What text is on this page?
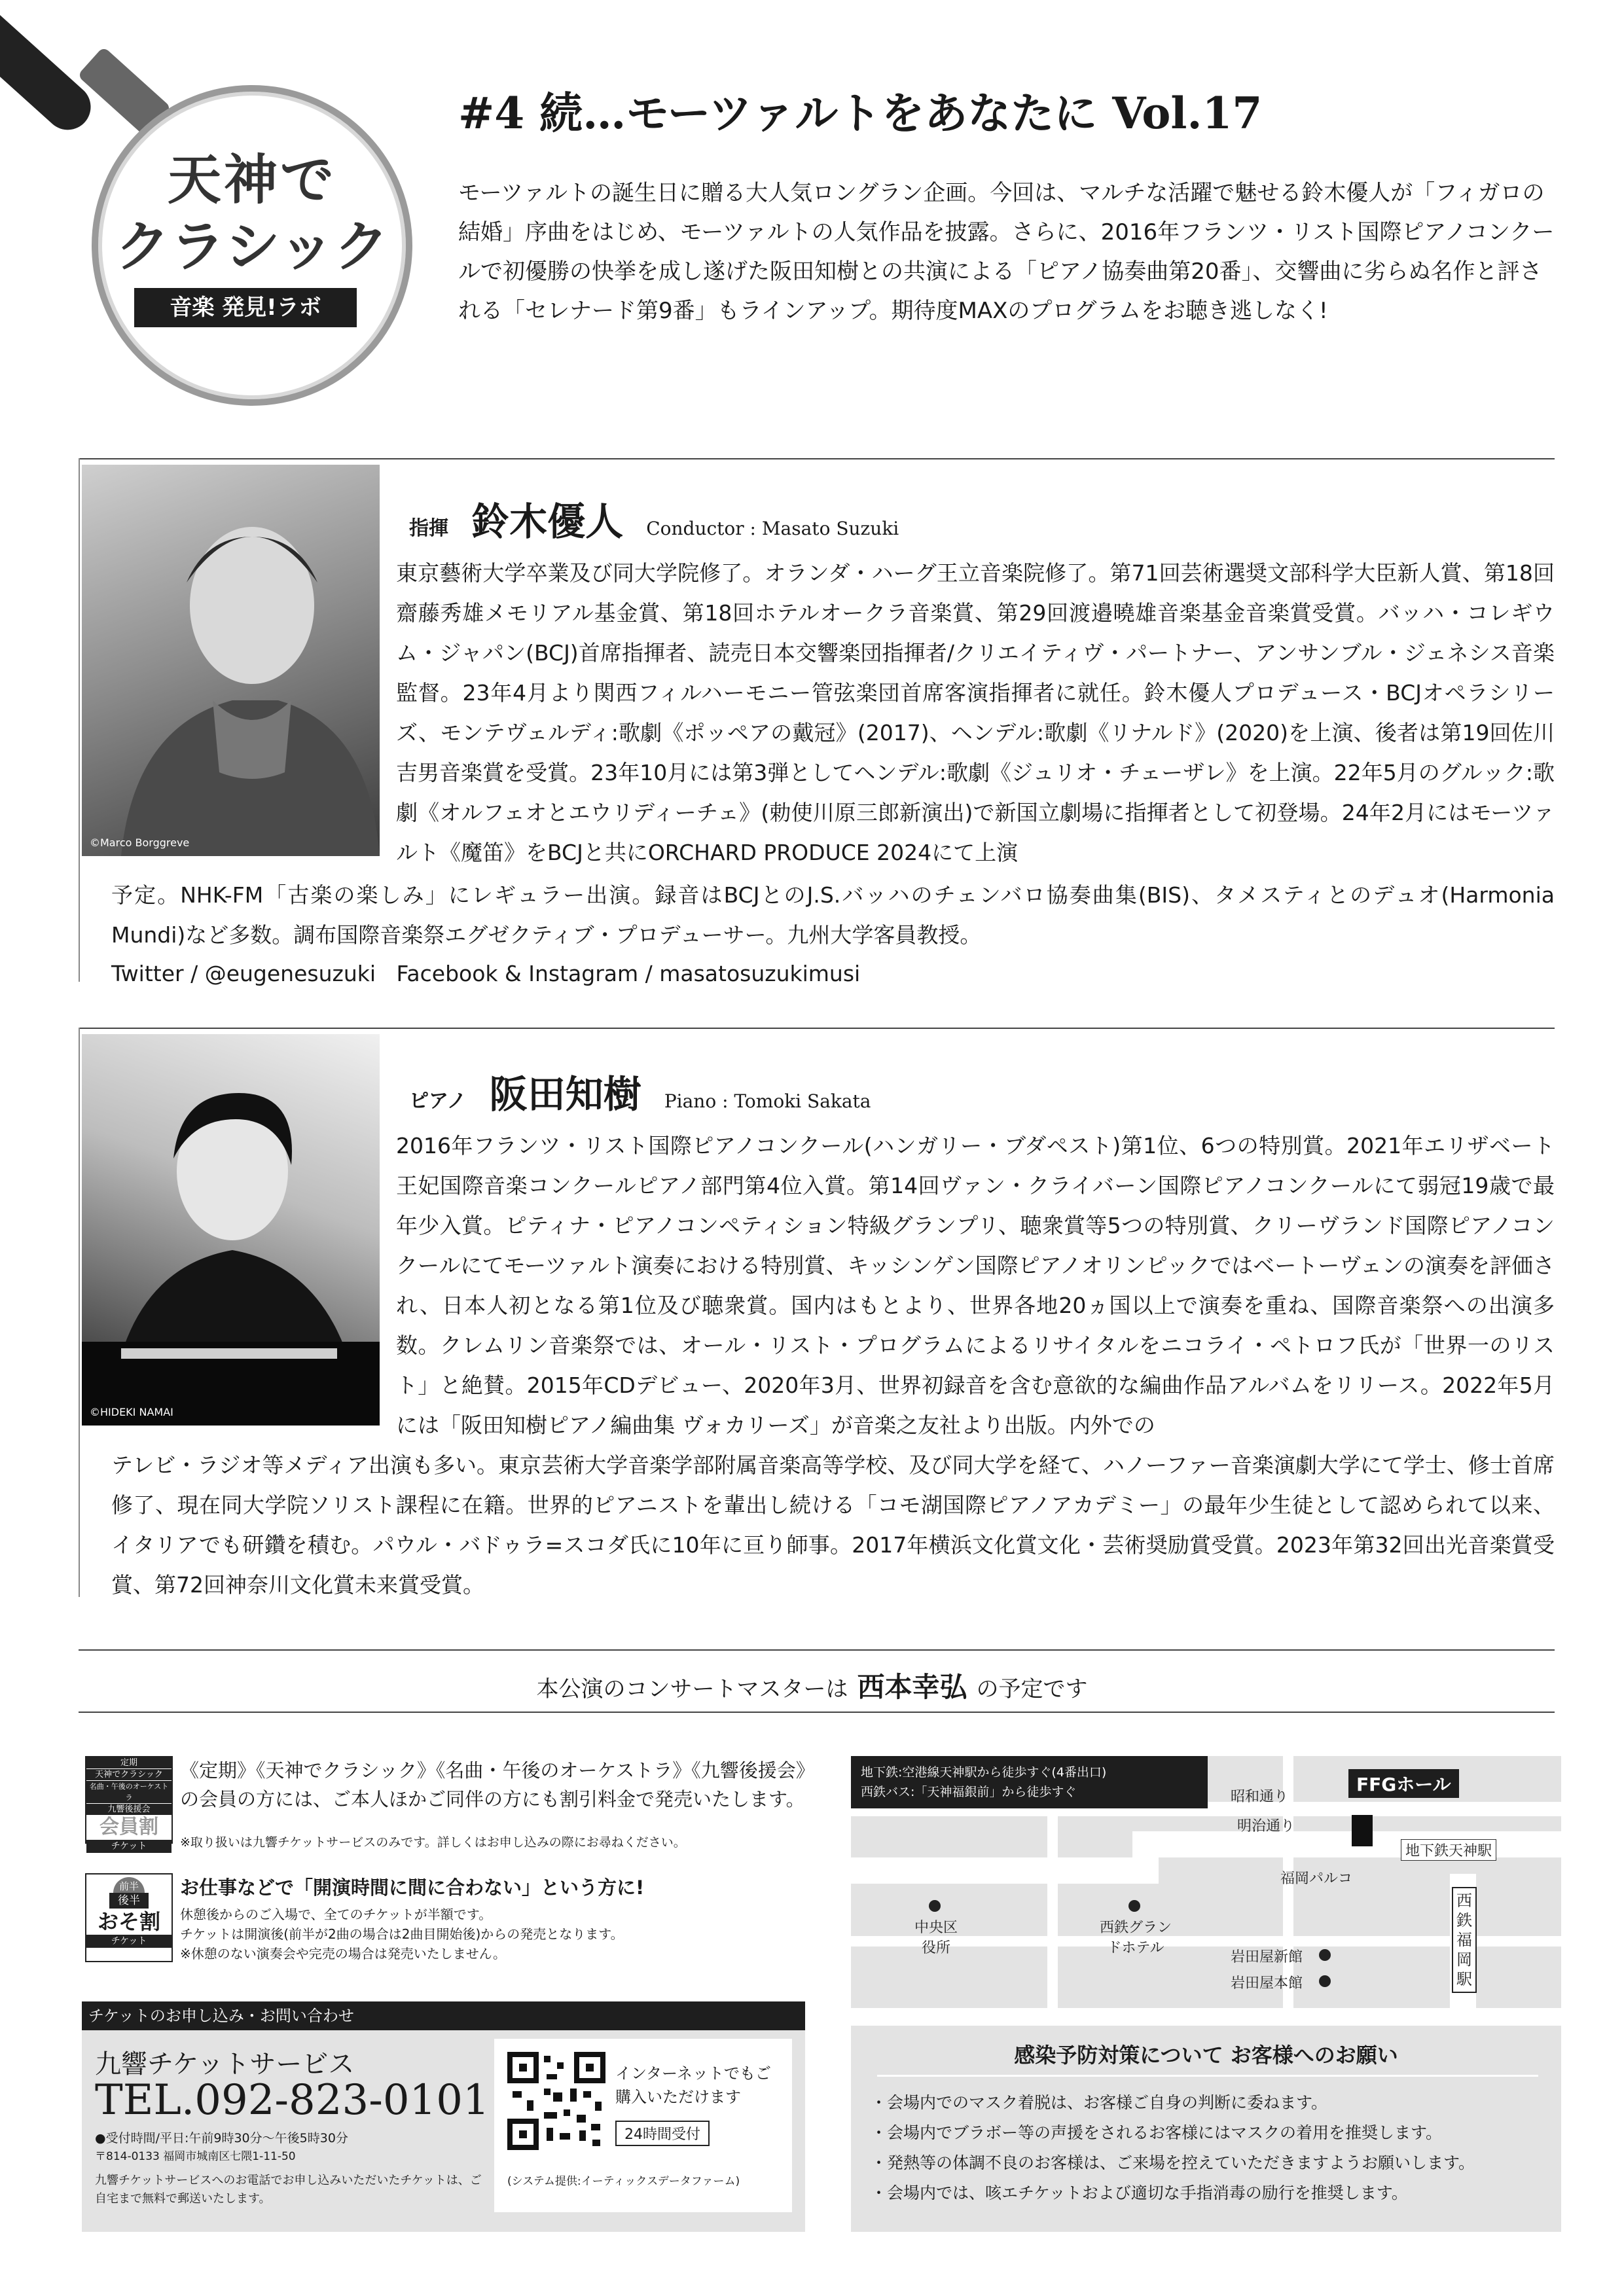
天神で
クラシック
音楽 発見!ラボ
#4 続…モーツァルトをあなたに Vol.17
モーツァルトの誕生日に贈る大人気ロングラン企画。今回は、マルチな活躍で魅せる鈴木優人が「フィガロの結婚」序曲をはじめ、モーツァルトの人気作品を披露。さらに、2016年フランツ・リスト国際ピアノコンクールで初優勝の快挙を成し遂げた阪田知樹との共演による「ピアノ協奏曲第20番」、交響曲に劣らぬ名作と評される「セレナード第9番」もラインアップ。期待度MAXのプログラムをお聴き逃しなく!
©Marco Borggreve
指揮 鈴木優人 Conductor : Masato Suzuki
東京藝術大学卒業及び同大学院修了。オランダ・ハーグ王立音楽院修了。第71回芸術選奨文部科学大臣新人賞、第18回齋藤秀雄メモリアル基金賞、第18回ホテルオークラ音楽賞、第29回渡邉曉雄音楽基金音楽賞受賞。バッハ・コレギウム・ジャパン(BCJ)首席指揮者、読売日本交響楽団指揮者/クリエイティヴ・パートナー、アンサンブル・ジェネシス音楽監督。23年4月より関西フィルハーモニー管弦楽団首席客演指揮者に就任。鈴木優人プロデュース・BCJオペラシリーズ、モンテヴェルディ:歌劇《ポッペアの戴冠》(2017)、ヘンデル:歌劇《リナルド》(2020)を上演、後者は第19回佐川吉男音楽賞を受賞。23年10月には第3弾としてヘンデル:歌劇《ジュリオ・チェーザレ》を上演。22年5月のグルック:歌劇《オルフェオとエウリディーチェ》(勅使川原三郎新演出)で新国立劇場に指揮者として初登場。24年2月にはモーツァルト《魔笛》をBCJと共にORCHARD PRODUCE 2024にて上演
予定。NHK-FM「古楽の楽しみ」にレギュラー出演。録音はBCJとのJ.S.バッハのチェンバロ協奏曲集(BIS)、タメスティとのデュオ(Harmonia Mundi)など多数。調布国際音楽祭エグゼクティブ・プロデューサー。九州大学客員教授。
Twitter / @eugenesuzuki   Facebook & Instagram / masatosuzukimusi
©HIDEKI NAMAI
ピアノ 阪田知樹 Piano : Tomoki Sakata
2016年フランツ・リスト国際ピアノコンクール(ハンガリー・ブダペスト)第1位、6つの特別賞。2021年エリザベート王妃国際音楽コンクールピアノ部門第4位入賞。第14回ヴァン・クライバーン国際ピアノコンクールにて弱冠19歳で最年少入賞。ピティナ・ピアノコンペティション特級グランプリ、聴衆賞等5つの特別賞、クリーヴランド国際ピアノコンクールにてモーツァルト演奏における特別賞、キッシンゲン国際ピアノオリンピックではベートーヴェンの演奏を評価され、日本人初となる第1位及び聴衆賞。国内はもとより、世界各地20ヵ国以上で演奏を重ね、国際音楽祭への出演多数。クレムリン音楽祭では、オール・リスト・プログラムによるリサイタルをニコライ・ペトロフ氏が「世界一のリスト」と絶賛。2015年CDデビュー、2020年3月、世界初録音を含む意欲的な編曲作品アルバムをリリース。2022年5月には「阪田知樹ピアノ編曲集 ヴォカリーズ」が音楽之友社より出版。内外での
テレビ・ラジオ等メディア出演も多い。東京芸術大学音楽学部附属音楽高等学校、及び同大学を経て、ハノーファー音楽演劇大学にて学士、修士首席修了、現在同大学院ソリスト課程に在籍。世界的ピアニストを輩出し続ける「コモ湖国際ピアノアカデミー」の最年少生徒として認められて以来、イタリアでも研鑽を積む。パウル・バドゥラ=スコダ氏に10年に亘り師事。2017年横浜文化賞文化・芸術奨励賞受賞。2023年第32回出光音楽賞受賞、第72回神奈川文化賞未来賞受賞。
本公演のコンサートマスターは 西本幸弘 の予定です
定期
天神でクラシック
名曲・午後のオーケストラ
九響後援会
会員割
チケット
《定期》《天神でクラシック》《名曲・午後のオーケストラ》《九響後援会》の会員の方には、ご本人ほかご同伴の方にも割引料金で発売いたします。
※取り扱いは九響チケットサービスのみです。詳しくはお申し込みの際にお尋ねください。
前半
後半
おそ割
チケット
お仕事などで「開演時間に間に合わない」という方に!
休憩後からのご入場で、全てのチケットが半額です。
チケットは開演後(前半が2曲の場合は2曲目開始後)からの発売となります。
※休憩のない演奏会や完売の場合は発売いたしません。
チケットのお申し込み・お問い合わせ
九響チケットサービス
TEL.092-823-0101
●受付時間/平日:午前9時30分〜午後5時30分
〒814-0133 福岡市城南区七隈1-11-50
九響チケットサービスへのお電話でお申し込みいただいたチケットは、ご自宅まで無料で郵送いたします。
インターネットでもご購入いただけます
24時間受付
(システム提供:イーティックスデータファーム)
地下鉄:空港線天神駅から徒歩すぐ(4番出口)
西鉄バス:「天神福銀前」から徒歩すぐ	FFGホール
昭和通り
明治通り
地下鉄天神駅
福岡パルコ
中央区役所
西鉄グランドホテル
岩田屋新館
岩田屋本館
西鉄福岡駅
感染予防対策について お客様へのお願い
・会場内でのマスク着脱は、お客様ご自身の判断に委ねます。
・会場内でブラボー等の声援をされるお客様にはマスクの着用を推奨します。
・発熱等の体調不良のお客様は、ご来場を控えていただきますようお願いします。
・会場内では、咳エチケットおよび適切な手指消毒の励行を推奨します。
